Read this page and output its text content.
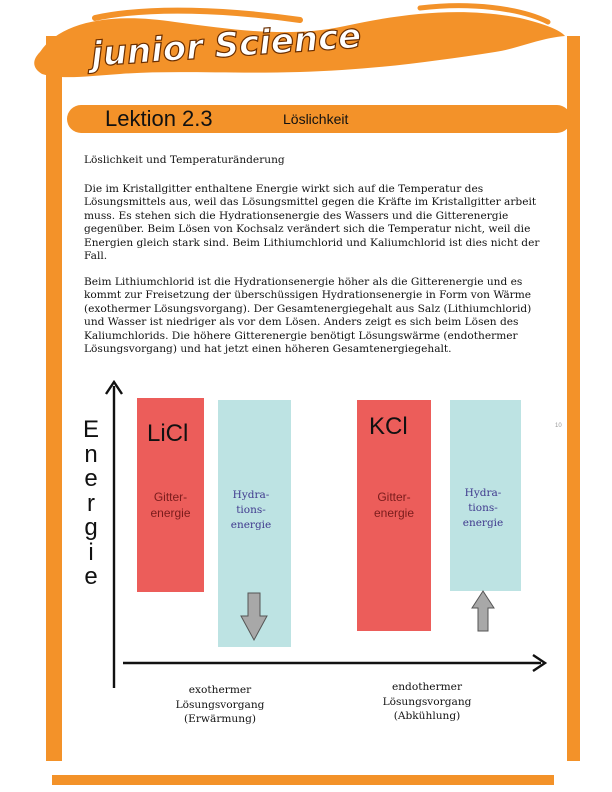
junior Science
Lektion 2.3	Löslichkeit
Löslichkeit und Temperaturänderung
Die im Kristallgitter enthaltene Energie wirkt sich auf die Temperatur des Lösungsmittels aus, weil das Lösungsmittel gegen die Kräfte im Kristallgitter arbeit muss. Es stehen sich die Hydrationsenergie des Wassers und die Gitterenergie gegenüber. Beim Lösen von Kochsalz verändert sich die Temperatur nicht, weil die Energien gleich stark sind. Beim Lithiumchlorid und Kaliumchlorid ist dies nicht der Fall.
Beim Lithiumchlorid ist die Hydrationsenergie höher als die Gitterenergie und es kommt zur Freisetzung der überschüssigen Hydrationsenergie in Form von Wärme (exothermer Lösungsvorgang). Der Gesamtenergiegehalt aus Salz (Lithiumchlorid) und Wasser ist niedriger als vor dem Lösen. Anders zeigt es sich beim Lösen des Kaliumchlorids. Die höhere Gitterenergie benötigt Lösungswärme (endothermer Lösungsvorgang) und hat jetzt einen höheren Gesamtenergiegehalt.
10
E
n
e
r
g
i
e
LiCl
Gitter-
energie
Hydra-
tions-
energie
exothermer
Lösungsvorgang
(Erwärmung)
KCl
Gitter-
energie
Hydra-
tions-
energie
endothermer
Lösungsvorgang
(Abkühlung)
